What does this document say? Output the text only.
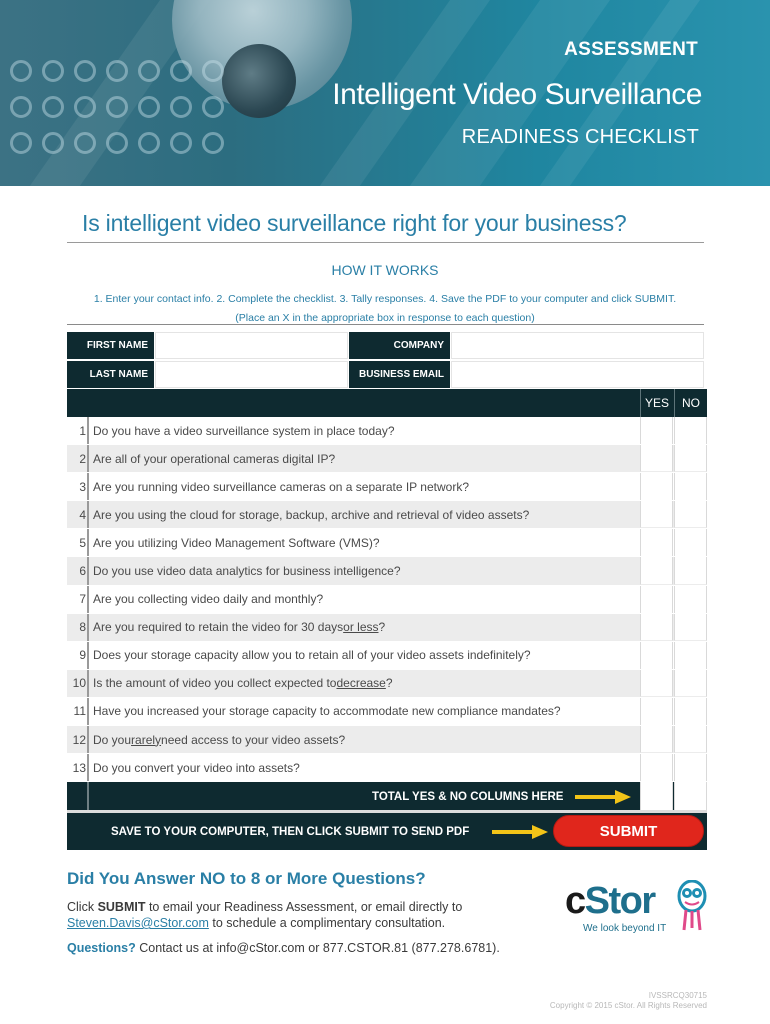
ASSESSMENT
Intelligent Video Surveillance
READINESS CHECKLIST
Is intelligent video surveillance right for your business?
HOW IT WORKS
1. Enter your contact info. 2. Complete the checklist. 3. Tally responses. 4. Save the PDF to your computer and click SUBMIT.
(Place an X in the appropriate box in response to each question)
FIRST NAME	COMPANY
LAST NAME	BUSINESS EMAIL
YES	NO
1 Do you have a video surveillance system in place today?
2 Are all of your operational cameras digital IP?
3 Are you running video surveillance cameras on a separate IP network?
4 Are you using the cloud for storage, backup, archive and retrieval of video assets?
5 Are you utilizing Video Management Software (VMS)?
6 Do you use video data analytics for business intelligence?
7 Are you collecting video daily and monthly?
8 Are you required to retain the video for 30 days or less ?
9 Does your storage capacity allow you to retain all of your video assets indefinitely?
10 Is the amount of video you collect expected to decrease ?
11 Have you increased your storage capacity to accommodate new compliance mandates?
12 Do you rarely need access to your video assets?
13 Do you convert your video into assets?
TOTAL YES & NO COLUMNS HERE
SAVE TO YOUR COMPUTER, THEN CLICK SUBMIT TO SEND PDF	SUBMIT
Did You Answer NO to 8 or More Questions?
Click SUBMIT to email your Readiness Assessment, or email directly to
Steven.Davis@cStor.com to schedule a complimentary consultation.
Questions? Contact us at info@cStor.com or 877.CSTOR.81 (877.278.6781).
cStor
We look beyond IT
IVSSRCQ30715
Copyright © 2015 cStor. All Rights Reserved
